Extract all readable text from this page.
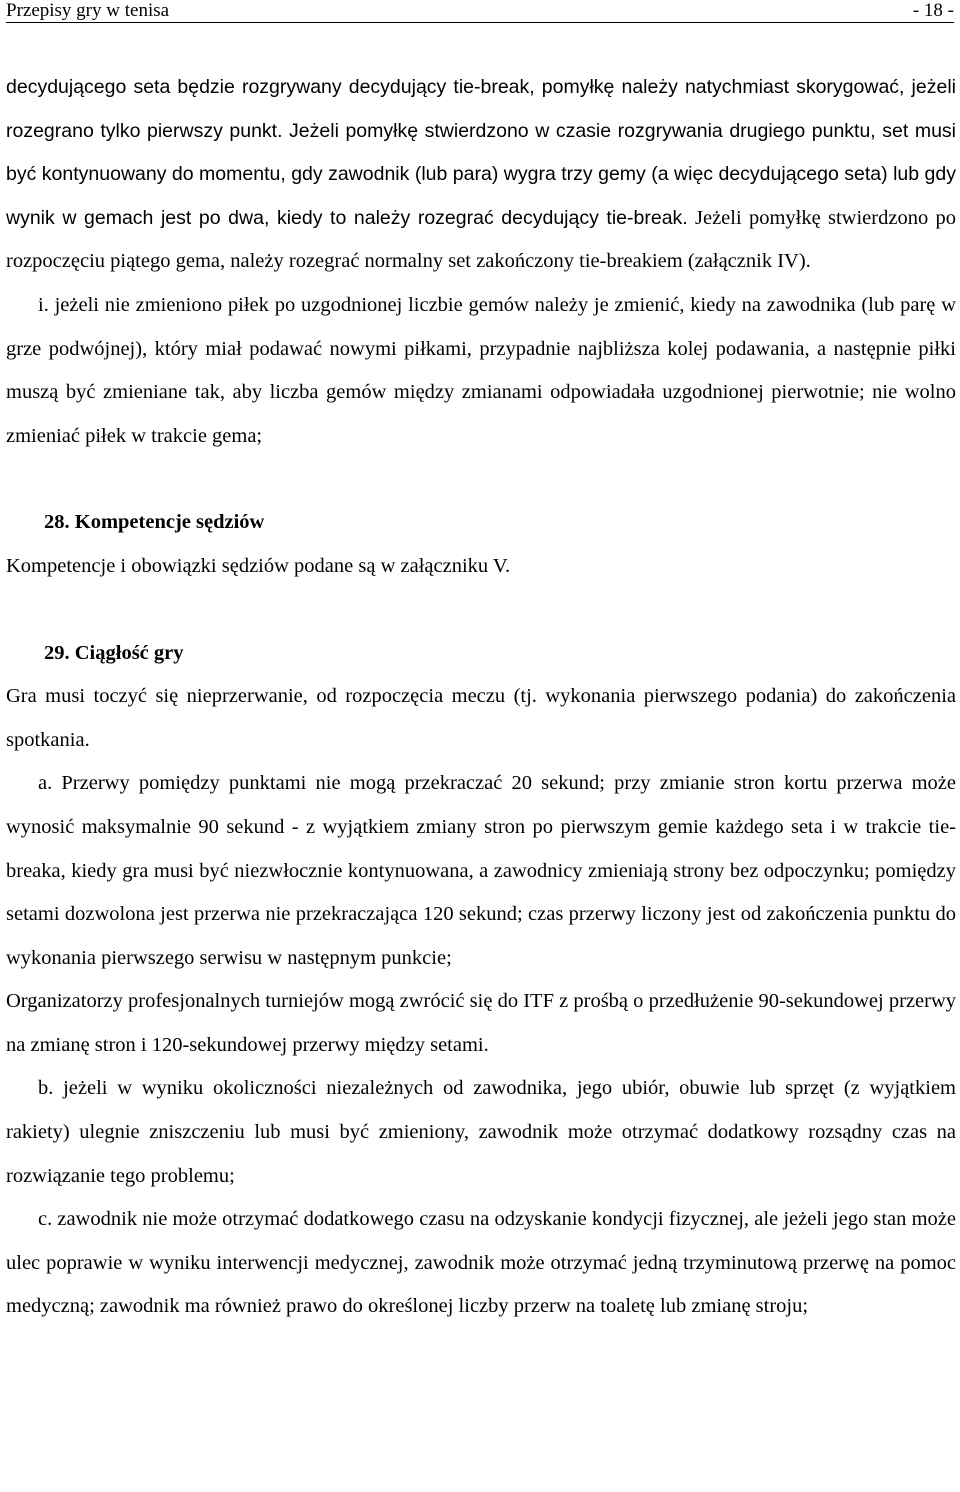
Przepisy gry w tenisa	- 18 -

decydującego seta będzie rozgrywany decydujący tie-break, pomyłkę należy natychmiast skorygować, jeżeli rozegrano tylko pierwszy punkt. Jeżeli pomyłkę stwierdzono w czasie rozgrywania drugiego punktu, set musi być kontynuowany do momentu, gdy zawodnik (lub para) wygra trzy gemy (a więc decydującego seta) lub gdy wynik w gemach jest po dwa, kiedy to należy rozegrać decydujący tie-break. Jeżeli pomyłkę stwierdzono po rozpoczęciu piątego gema, należy rozegrać normalny set zakończony tie-breakiem (załącznik IV).

i. jeżeli nie zmieniono piłek po uzgodnionej liczbie gemów należy je zmienić, kiedy na zawodnika (lub parę w grze podwójnej), który miał podawać nowymi piłkami, przypadnie najbliższa kolej podawania, a następnie piłki muszą być zmieniane tak, aby liczba gemów między zmianami odpowiadała uzgodnionej pierwotnie; nie wolno zmieniać piłek w trakcie gema;

28. Kompetencje sędziów

Kompetencje i obowiązki sędziów podane są w załączniku V.

29. Ciągłość gry

Gra musi toczyć się nieprzerwanie, od rozpoczęcia meczu (tj. wykonania pierwszego podania) do zakończenia spotkania.

a. Przerwy pomiędzy punktami nie mogą przekraczać 20 sekund; przy zmianie stron kortu przerwa może wynosić maksymalnie 90 sekund - z wyjątkiem zmiany stron po pierwszym gemie każdego seta i w trakcie tie-breaka, kiedy gra musi być niezwłocznie kontynuowana, a zawodnicy zmieniają strony bez odpoczynku; pomiędzy setami dozwolona jest przerwa nie przekraczająca 120 sekund; czas przerwy liczony jest od zakończenia punktu do wykonania pierwszego serwisu w następnym punkcie;

Organizatorzy profesjonalnych turniejów mogą zwrócić się do ITF z prośbą o przedłużenie 90-sekundowej przerwy na zmianę stron i 120-sekundowej przerwy między setami.

b. jeżeli w wyniku okoliczności niezależnych od zawodnika, jego ubiór, obuwie lub sprzęt (z wyjątkiem rakiety) ulegnie zniszczeniu lub musi być zmieniony, zawodnik może otrzymać dodatkowy rozsądny czas na rozwiązanie tego problemu;

c. zawodnik nie może otrzymać dodatkowego czasu na odzyskanie kondycji fizycznej, ale jeżeli jego stan może ulec poprawie w wyniku interwencji medycznej, zawodnik może otrzymać jedną trzyminutową przerwę na pomoc medyczną; zawodnik ma również prawo do określonej liczby przerw na toaletę lub zmianę stroju;
